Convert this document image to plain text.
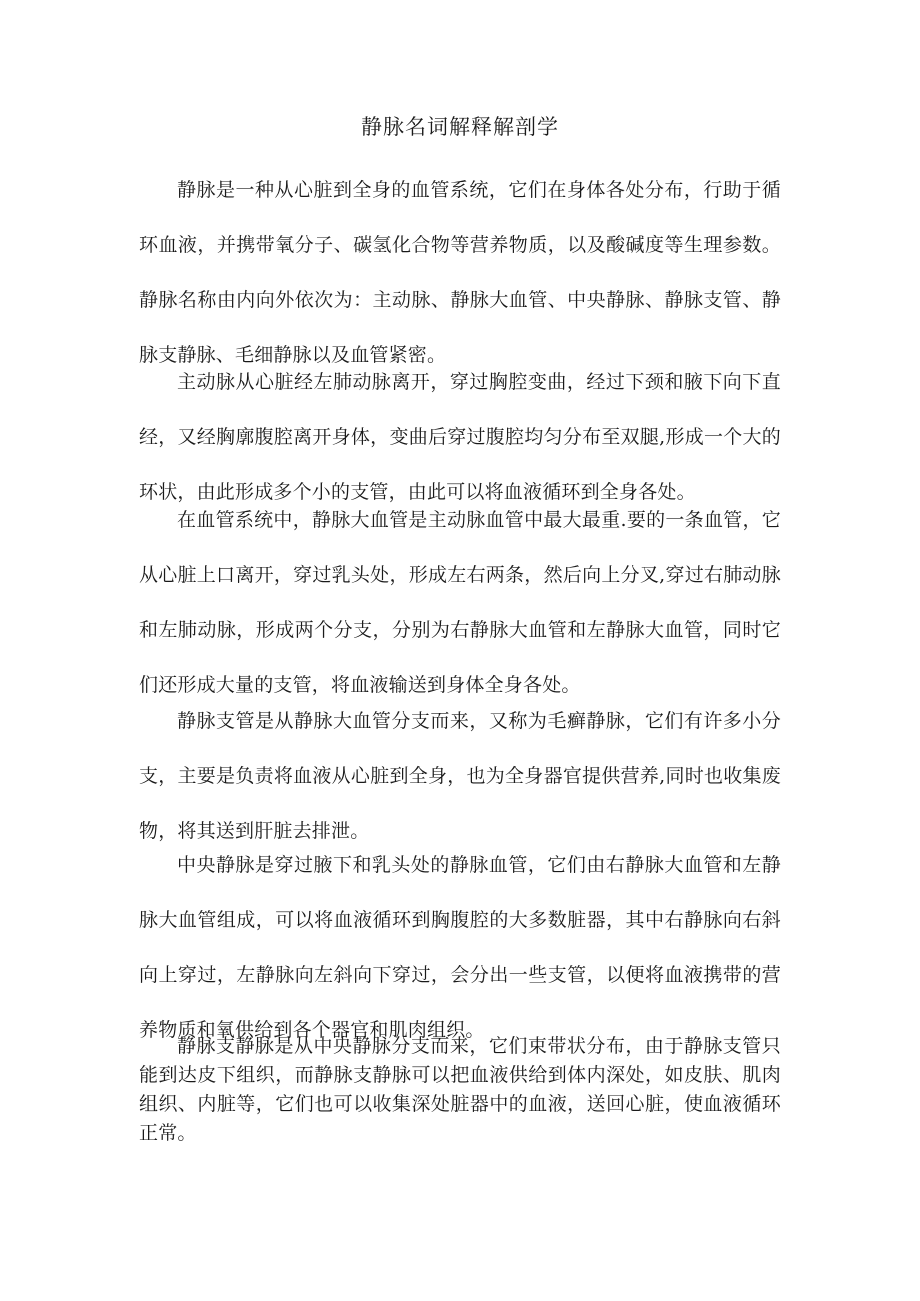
静脉名词解释解剖学

静脉是一种从心脏到全身的血管系统，它们在身体各处分布，行助于循环血液，并携带氧分子、碳氢化合物等营养物质，以及酸碱度等生理参数。静脉名称由内向外依次为：主动脉、静脉大血管、中央静脉、静脉支管、静脉支静脉、毛细静脉以及血管紧密。

主动脉从心脏经左肺动脉离开，穿过胸腔变曲，经过下颈和腋下向下直经，又经胸廓腹腔离开身体，变曲后穿过腹腔均匀分布至双腿,形成一个大的环状，由此形成多个小的支管，由此可以将血液循环到全身各处。

在血管系统中，静脉大血管是主动脉血管中最大最重.要的一条血管，它从心脏上口离开，穿过乳头处，形成左右两条，然后向上分叉,穿过右肺动脉和左肺动脉，形成两个分支，分别为右静脉大血管和左静脉大血管，同时它们还形成大量的支管，将血液输送到身体全身各处。

静脉支管是从静脉大血管分支而来，又称为毛癣静脉，它们有许多小分支，主要是负责将血液从心脏到全身，也为全身器官提供营养,同时也收集废物，将其送到肝脏去排泄。

中央静脉是穿过腋下和乳头处的静脉血管，它们由右静脉大血管和左静脉大血管组成，可以将血液循环到胸腹腔的大多数脏器，其中右静脉向右斜向上穿过，左静脉向左斜向下穿过，会分出一些支管，以便将血液携带的营养物质和氧供给到各个器官和肌肉组织。

静脉支静脉是从中央静脉分支而来，它们束带状分布，由于静脉支管只能到达皮下组织，而静脉支静脉可以把血液供给到体内深处，如皮肤、肌肉组织、内脏等，它们也可以收集深处脏器中的血液，送回心脏，使血液循环正常。
